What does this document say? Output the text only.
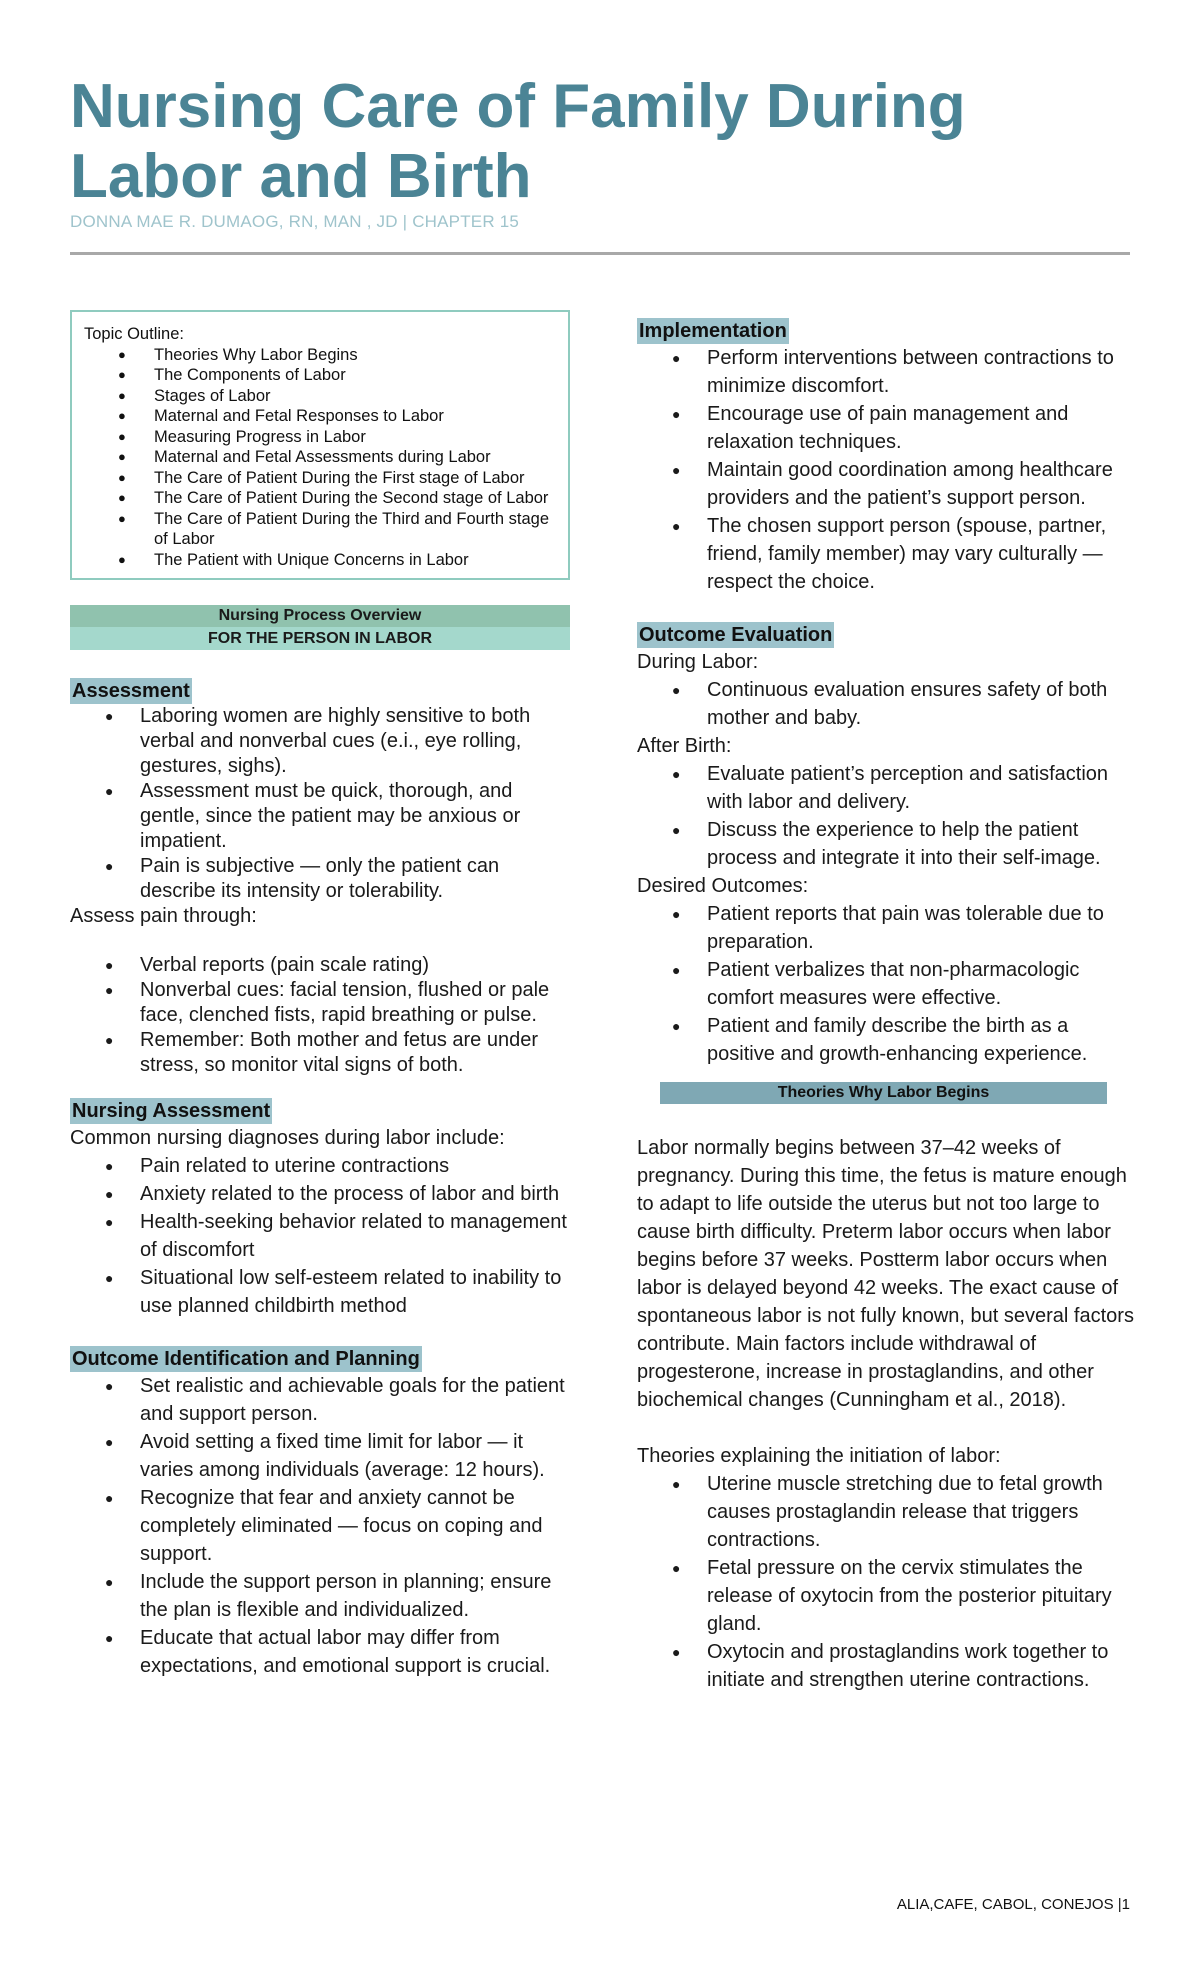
Nursing Care of Family During Labor and Birth
DONNA MAE R. DUMAOG, RN, MAN , JD | CHAPTER 15
Topic Outline:
● Theories Why Labor Begins
● The Components of Labor
● Stages of Labor
● Maternal and Fetal Responses to Labor
● Measuring Progress in Labor
● Maternal and Fetal Assessments during Labor
● The Care of Patient During the First stage of Labor
● The Care of Patient During the Second stage of Labor
● The Care of Patient During the Third and Fourth stage of Labor
● The Patient with Unique Concerns in Labor
Nursing Process Overview
FOR THE PERSON IN LABOR
Assessment
● Laboring women are highly sensitive to both verbal and nonverbal cues (e.i., eye rolling, gestures, sighs).
● Assessment must be quick, thorough, and gentle, since the patient may be anxious or impatient.
● Pain is subjective — only the patient can describe its intensity or tolerability.
Assess pain through:
● Verbal reports (pain scale rating)
● Nonverbal cues: facial tension, flushed or pale face, clenched fists, rapid breathing or pulse.
● Remember: Both mother and fetus are under stress, so monitor vital signs of both.
Nursing Assessment
Common nursing diagnoses during labor include:
● Pain related to uterine contractions
● Anxiety related to the process of labor and birth
● Health-seeking behavior related to management of discomfort
● Situational low self-esteem related to inability to use planned childbirth method
Outcome Identification and Planning
● Set realistic and achievable goals for the patient and support person.
● Avoid setting a fixed time limit for labor — it varies among individuals (average: 12 hours).
● Recognize that fear and anxiety cannot be completely eliminated — focus on coping and support.
● Include the support person in planning; ensure the plan is flexible and individualized.
● Educate that actual labor may differ from expectations, and emotional support is crucial.
Implementation
● Perform interventions between contractions to minimize discomfort.
● Encourage use of pain management and relaxation techniques.
● Maintain good coordination among healthcare providers and the patient’s support person.
● The chosen support person (spouse, partner, friend, family member) may vary culturally — respect the choice.
Outcome Evaluation
During Labor:
● Continuous evaluation ensures safety of both mother and baby.
After Birth:
● Evaluate patient’s perception and satisfaction with labor and delivery.
● Discuss the experience to help the patient process and integrate it into their self-image.
Desired Outcomes:
● Patient reports that pain was tolerable due to preparation.
● Patient verbalizes that non-pharmacologic comfort measures were effective.
● Patient and family describe the birth as a positive and growth-enhancing experience.
Theories Why Labor Begins
Labor normally begins between 37–42 weeks of pregnancy. During this time, the fetus is mature enough to adapt to life outside the uterus but not too large to cause birth difficulty. Preterm labor occurs when labor begins before 37 weeks. Postterm labor occurs when labor is delayed beyond 42 weeks. The exact cause of spontaneous labor is not fully known, but several factors contribute. Main factors include withdrawal of progesterone, increase in prostaglandins, and other biochemical changes (Cunningham et al., 2018).
Theories explaining the initiation of labor:
● Uterine muscle stretching due to fetal growth causes prostaglandin release that triggers contractions.
● Fetal pressure on the cervix stimulates the release of oxytocin from the posterior pituitary gland.
● Oxytocin and prostaglandins work together to initiate and strengthen uterine contractions.
ALIA,CAFE, CABOL, CONEJOS |1
